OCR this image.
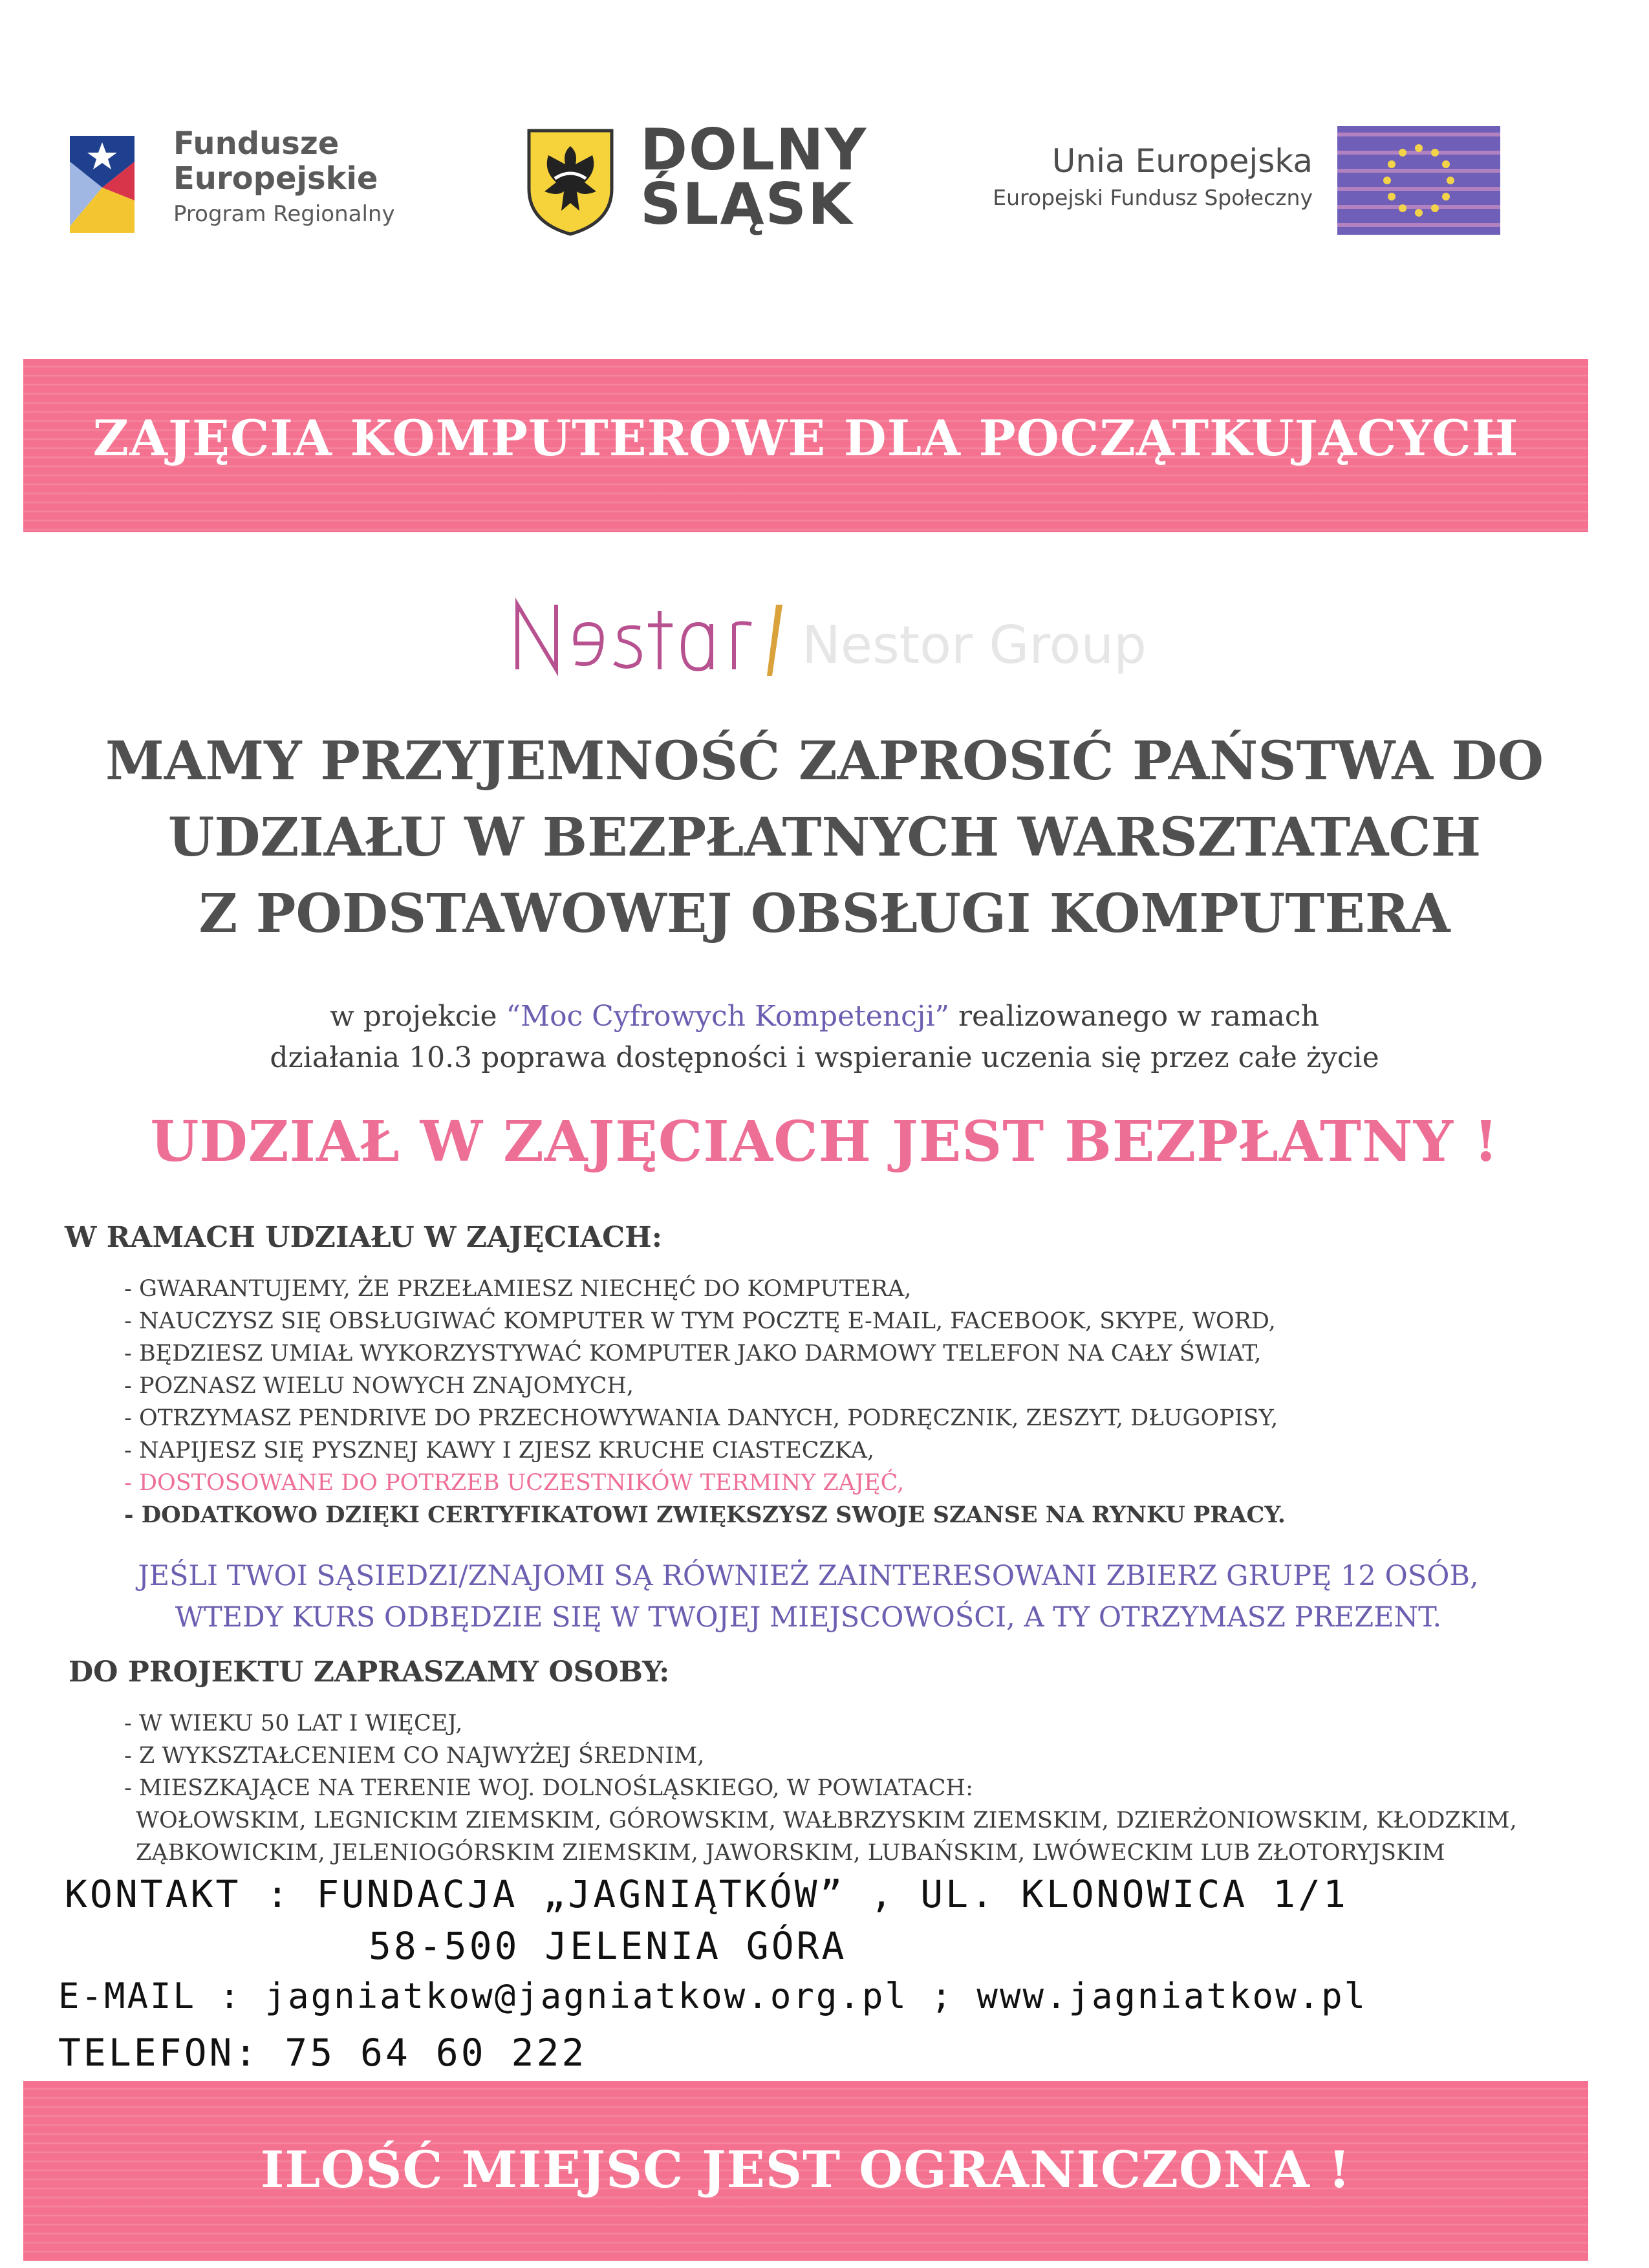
Fundusze
Europejskie
Program Regionalny
DOLNY
ŚLĄSK
Unia Europejska
Europejski Fundusz Społeczny
ZAJĘCIA KOMPUTEROWE DLA POCZĄTKUJĄCYCH
Nestor Group
MAMY PRZYJEMNOŚĆ ZAPROSIĆ PAŃSTWA DO
UDZIAŁU W BEZPŁATNYCH WARSZTATACH
Z PODSTAWOWEJ OBSŁUGI KOMPUTERA
w projekcie “Moc Cyfrowych Kompetencji” realizowanego w ramach
działania 10.3 poprawa dostępności i wspieranie uczenia się przez całe życie
UDZIAŁ W ZAJĘCIACH JEST BEZPŁATNY !
W RAMACH UDZIAŁU W ZAJĘCIACH:
- GWARANTUJEMY, ŻE PRZEŁAMIESZ NIECHĘĆ DO KOMPUTERA,
- NAUCZYSZ SIĘ OBSŁUGIWAĆ KOMPUTER W TYM POCZTĘ E-MAIL, FACEBOOK, SKYPE, WORD,
- BĘDZIESZ UMIAŁ WYKORZYSTYWAĆ KOMPUTER JAKO DARMOWY TELEFON NA CAŁY ŚWIAT,
- POZNASZ WIELU NOWYCH ZNAJOMYCH,
- OTRZYMASZ PENDRIVE DO PRZECHOWYWANIA DANYCH, PODRĘCZNIK, ZESZYT, DŁUGOPISY,
- NAPIJESZ SIĘ PYSZNEJ KAWY I ZJESZ KRUCHE CIASTECZKA,
- DOSTOSOWANE DO POTRZEB UCZESTNIKÓW TERMINY ZAJĘĆ,
- DODATKOWO DZIĘKI CERTYFIKATOWI ZWIĘKSZYSZ SWOJE SZANSE NA RYNKU PRACY.
JEŚLI TWOI SĄSIEDZI/ZNAJOMI SĄ RÓWNIEŻ ZAINTERESOWANI ZBIERZ GRUPĘ 12 OSÓB,
WTEDY KURS ODBĘDZIE SIĘ W TWOJEJ MIEJSCOWOŚCI, A TY OTRZYMASZ PREZENT.
DO PROJEKTU ZAPRASZAMY OSOBY:
- W WIEKU 50 LAT I WIĘCEJ,
- Z WYKSZTAŁCENIEM CO NAJWYŻEJ ŚREDNIM,
- MIESZKAJĄCE NA TERENIE WOJ. DOLNOŚLĄSKIEGO, W POWIATACH:
WOŁOWSKIM, LEGNICKIM ZIEMSKIM, GÓROWSKIM, WAŁBRZYSKIM ZIEMSKIM, DZIERŻONIOWSKIM, KŁODZKIM,
ZĄBKOWICKIM, JELENIOGÓRSKIM ZIEMSKIM, JAWORSKIM, LUBAŃSKIM, LWÓWECKIM LUB ZŁOTORYJSKIM
KONTAKT : FUNDACJA „JAGNIĄTKÓW” , UL. KLONOWICA 1/1
58-500 JELENIA GÓRA
E-MAIL : jagniatkow@jagniatkow.org.pl ; www.jagniatkow.pl
TELEFON: 75 64 60 222
ILOŚĆ MIEJSC JEST OGRANICZONA !
